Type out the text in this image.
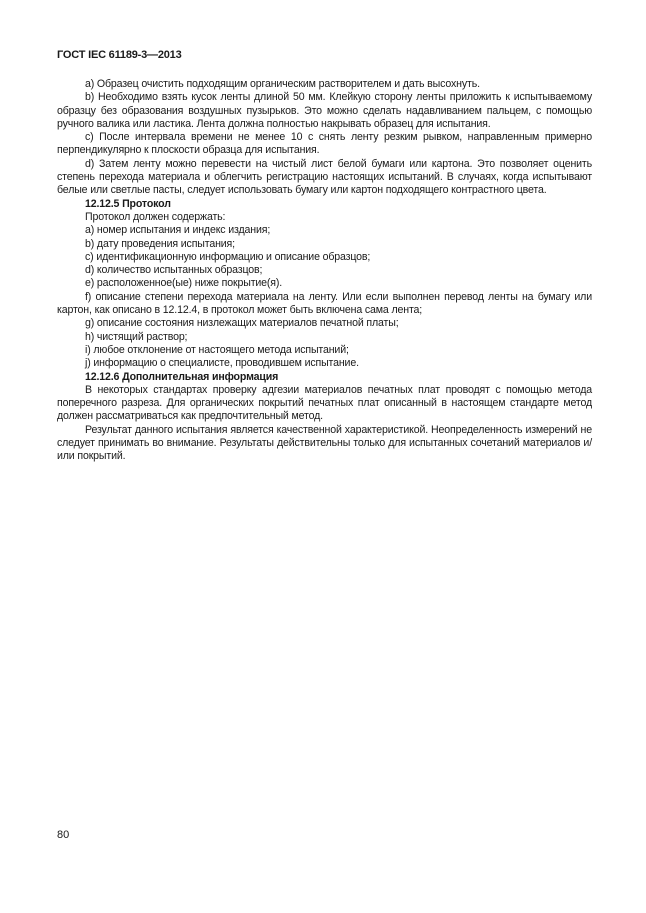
ГОСТ IEC 61189-3—2013

a) Образец очистить подходящим органическим растворителем и дать высохнуть.

b) Необходимо взять кусок ленты длиной 50 мм. Клейкую сторону ленты приложить к испытываемому образцу без образования воздушных пузырьков. Это можно сделать надавливанием пальцем, с помощью ручного валика или ластика. Лента должна полностью накрывать образец для испытания.

c) После интервала времени не менее 10 с снять ленту резким рывком, направленным примерно перпендикулярно к плоскости образца для испытания.

d) Затем ленту можно перевести на чистый лист белой бумаги или картона. Это позволяет оценить степень перехода материала и облегчить регистрацию настоящих испытаний. В случаях, когда испытывают белые или светлые пасты, следует использовать бумагу или картон подходящего контрастного цвета.

12.12.5 Протокол

Протокол должен содержать:

a) номер испытания и индекс издания;

b) дату проведения испытания;

c) идентификационную информацию и описание образцов;

d) количество испытанных образцов;

e) расположенное(ые) ниже покрытие(я).

f) описание степени перехода материала на ленту. Или если выполнен перевод ленты на бумагу или картон, как описано в 12.12.4, в протокол может быть включена сама лента;

g) описание состояния низлежащих материалов печатной платы;

h) чистящий раствор;

i) любое отклонение от настоящего метода испытаний;

j) информацию о специалисте, проводившем испытание.

12.12.6 Дополнительная информация

В некоторых стандартах проверку адгезии материалов печатных плат проводят с помощью метода поперечного разреза. Для органических покрытий печатных плат описанный в настоящем стандарте метод должен рассматриваться как предпочтительный метод.

Результат данного испытания является качественной характеристикой. Неопределенность измерений не следует принимать во внимание. Результаты действительны только для испытанных сочетаний материалов и/или покрытий.

80
